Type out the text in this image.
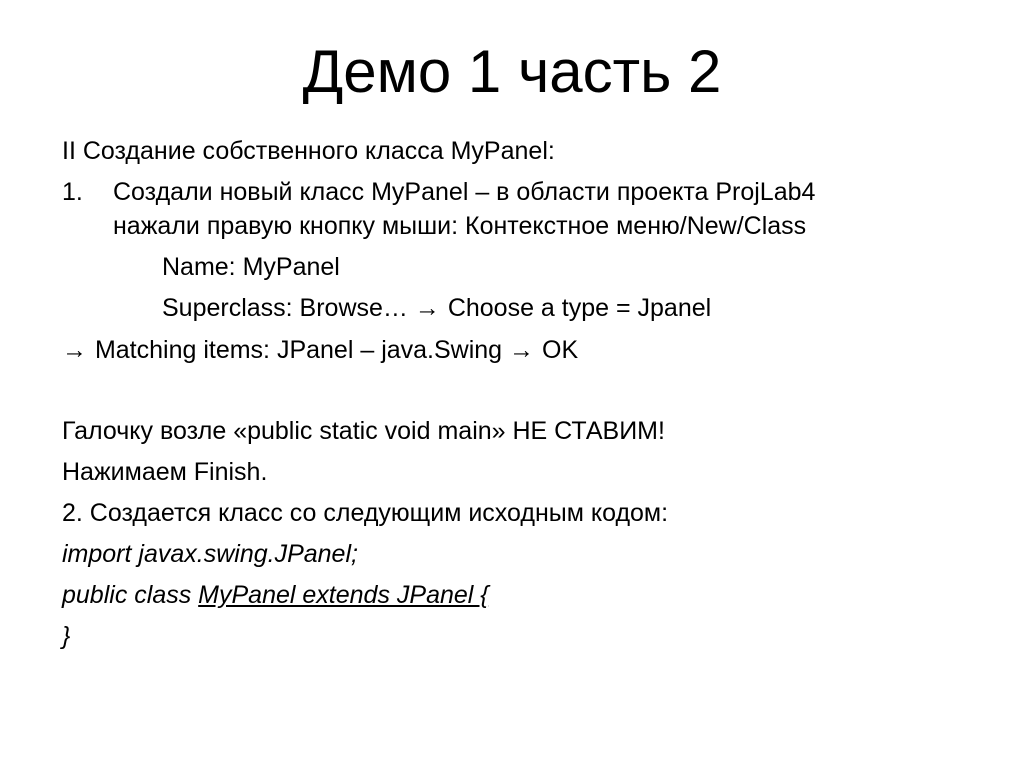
Демо 1 часть 2
II Создание собственного класса MyPanel:
1. Создали новый класс MyPanel – в области проекта ProjLab4
нажали правую кнопку мыши: Контекстное меню/New/Class
Name: MyPanel
Superclass: Browse… → Choose a type = Jpanel
→ Matching items: JPanel – java.Swing → OK
Галочку возле «public static void main» НЕ СТАВИМ!
Нажимаем Finish.
2. Создается класс со следующим исходным кодом:
import javax.swing.JPanel;
public class MyPanel extends JPanel {
}
